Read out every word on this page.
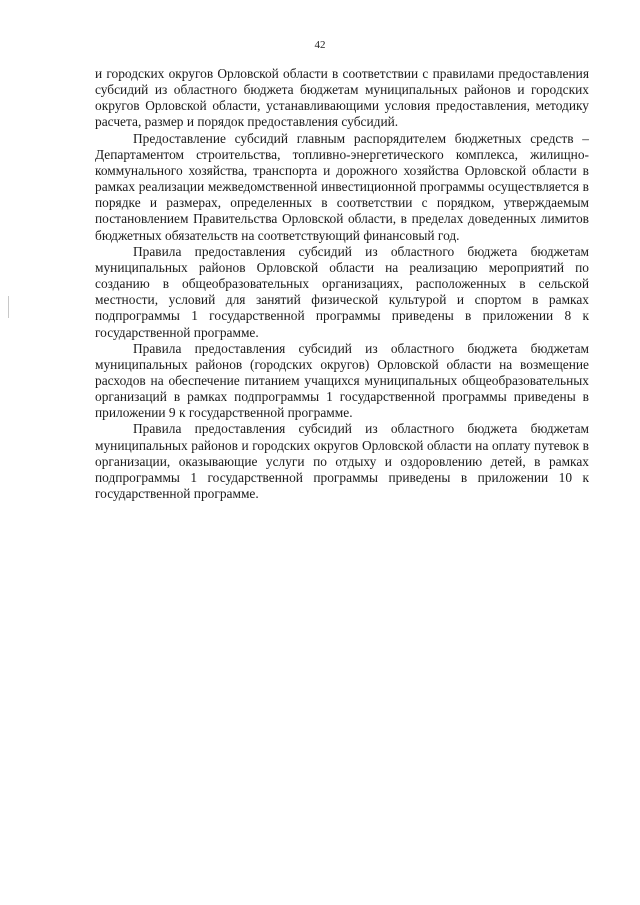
42

и городских округов Орловской области в соответствии с правилами предоставления субсидий из областного бюджета бюджетам муниципальных районов и городских округов Орловской области, устанавливающими условия предоставления, методику расчета, размер и порядок предоставления субсидий.

Предоставление субсидий главным распорядителем бюджетных средств – Департаментом строительства, топливно-энергетического комплекса, жилищно-коммунального хозяйства, транспорта и дорожного хозяйства Орловской области в рамках реализации межведомственной инвестиционной программы осуществляется в порядке и размерах, определенных в соответствии с порядком, утверждаемым постановлением Правительства Орловской области, в пределах доведенных лимитов бюджетных обязательств на соответствующий финансовый год.

Правила предоставления субсидий из областного бюджета бюджетам муниципальных районов Орловской области на реализацию мероприятий по созданию в общеобразовательных организациях, расположенных в сельской местности, условий для занятий физической культурой и спортом в рамках подпрограммы 1 государственной программы приведены в приложении 8 к государственной программе.

Правила предоставления субсидий из областного бюджета бюджетам муниципальных районов (городских округов) Орловской области на возмещение расходов на обеспечение питанием учащихся муниципальных общеобразовательных организаций в рамках подпрограммы 1 государственной программы приведены в приложении 9 к государственной программе.

Правила предоставления субсидий из областного бюджета бюджетам муниципальных районов и городских округов Орловской области на оплату путевок в организации, оказывающие услуги по отдыху и оздоровлению детей, в рамках подпрограммы 1 государственной программы приведены в приложении 10 к государственной программе.
